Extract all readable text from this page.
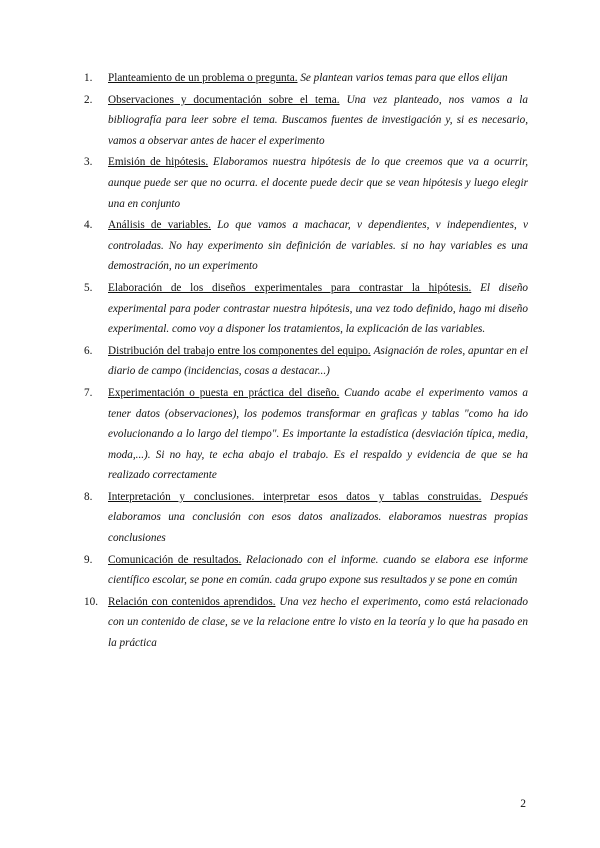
1. Planteamiento de un problema o pregunta. Se plantean varios temas para que ellos elijan
2. Observaciones y documentación sobre el tema. Una vez planteado, nos vamos a la bibliografía para leer sobre el tema. Buscamos fuentes de investigación y, si es necesario, vamos a observar antes de hacer el experimento
3. Emisión de hipótesis. Elaboramos nuestra hipótesis de lo que creemos que va a ocurrir, aunque puede ser que no ocurra. el docente puede decir que se vean hipótesis y luego elegir una en conjunto
4. Análisis de variables. Lo que vamos a machacar, v dependientes, v independientes, v controladas. No hay experimento sin definición de variables. si no hay variables es una demostración, no un experimento
5. Elaboración de los diseños experimentales para contrastar la hipótesis. El diseño experimental para poder contrastar nuestra hipótesis, una vez todo definido, hago mi diseño experimental. como voy a disponer los tratamientos, la explicación de las variables.
6. Distribución del trabajo entre los componentes del equipo. Asignación de roles, apuntar en el diario de campo (incidencias, cosas a destacar...)
7. Experimentación o puesta en práctica del diseño. Cuando acabe el experimento vamos a tener datos (observaciones), los podemos transformar en graficas y tablas "como ha ido evolucionando a lo largo del tiempo". Es importante la estadística (desviación típica, media, moda,...). Si no hay, te echa abajo el trabajo. Es el respaldo y evidencia de que se ha realizado correctamente
8. Interpretación y conclusiones. interpretar esos datos y tablas construidas. Después elaboramos una conclusión con esos datos analizados. elaboramos nuestras propias conclusiones
9. Comunicación de resultados. Relacionado con el informe. cuando se elabora ese informe científico escolar, se pone en común. cada grupo expone sus resultados y se pone en común
10. Relación con contenidos aprendidos. Una vez hecho el experimento, como está relacionado con un contenido de clase, se ve la relacione entre lo visto en la teoría y lo que ha pasado en la práctica
2
